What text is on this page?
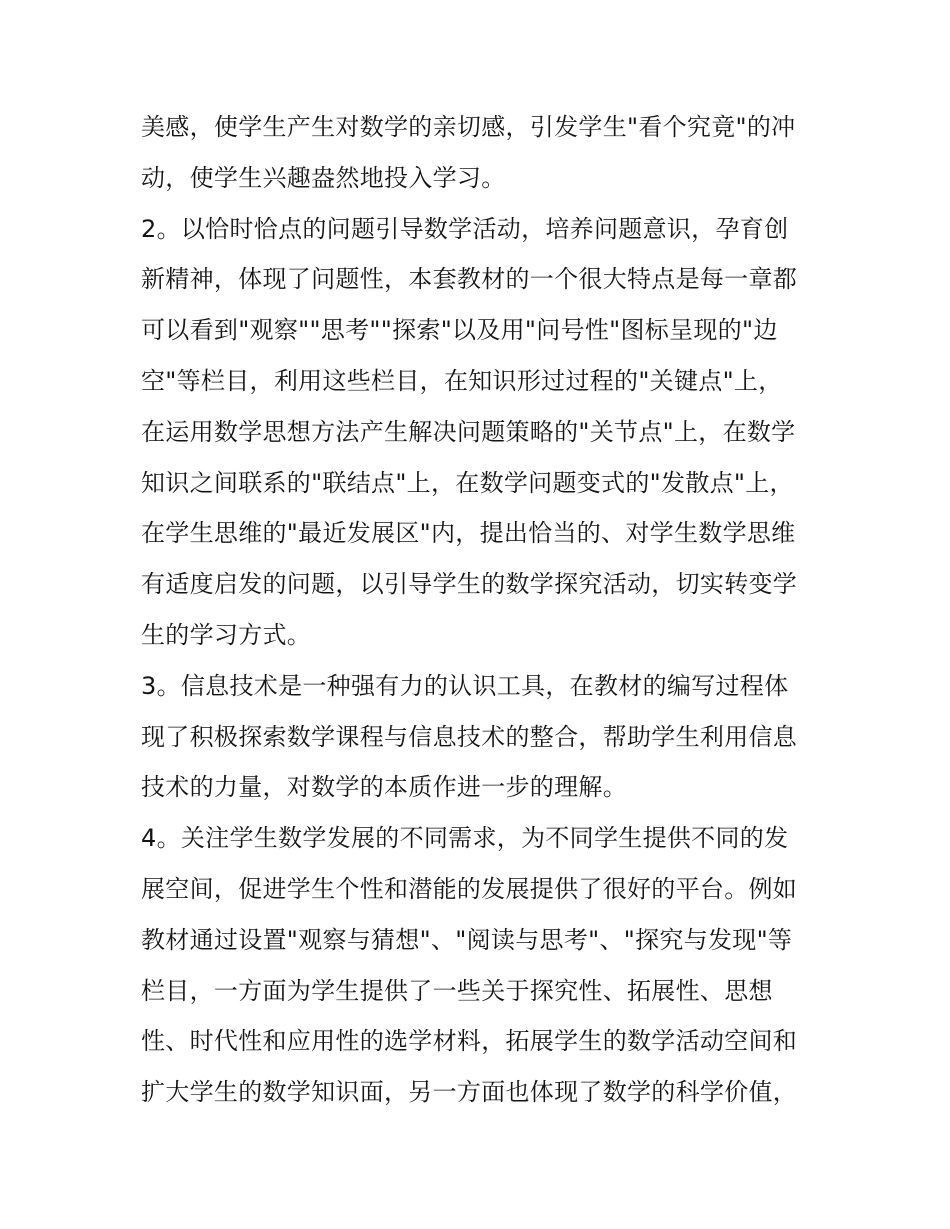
美感，使学生产生对数学的亲切感，引发学生"看个究竟"的冲
动，使学生兴趣盎然地投入学习。
2。以恰时恰点的问题引导数学活动，培养问题意识，孕育创
新精神，体现了问题性，本套教材的一个很大特点是每一章都
可以看到"观察""思考""探索"以及用"问号性"图标呈现的"边
空"等栏目，利用这些栏目，在知识形过过程的"关键点"上，
在运用数学思想方法产生解决问题策略的"关节点"上，在数学
知识之间联系的"联结点"上，在数学问题变式的"发散点"上，
在学生思维的"最近发展区"内，提出恰当的、对学生数学思维
有适度启发的问题，以引导学生的数学探究活动，切实转变学
生的学习方式。
3。信息技术是一种强有力的认识工具，在教材的编写过程体
现了积极探索数学课程与信息技术的整合，帮助学生利用信息
技术的力量，对数学的本质作进一步的理解。
4。关注学生数学发展的不同需求，为不同学生提供不同的发
展空间，促进学生个性和潜能的发展提供了很好的平台。例如
教材通过设置"观察与猜想"、"阅读与思考"、"探究与发现"等
栏目，一方面为学生提供了一些关于探究性、拓展性、思想
性、时代性和应用性的选学材料，拓展学生的数学活动空间和
扩大学生的数学知识面，另一方面也体现了数学的科学价值，
